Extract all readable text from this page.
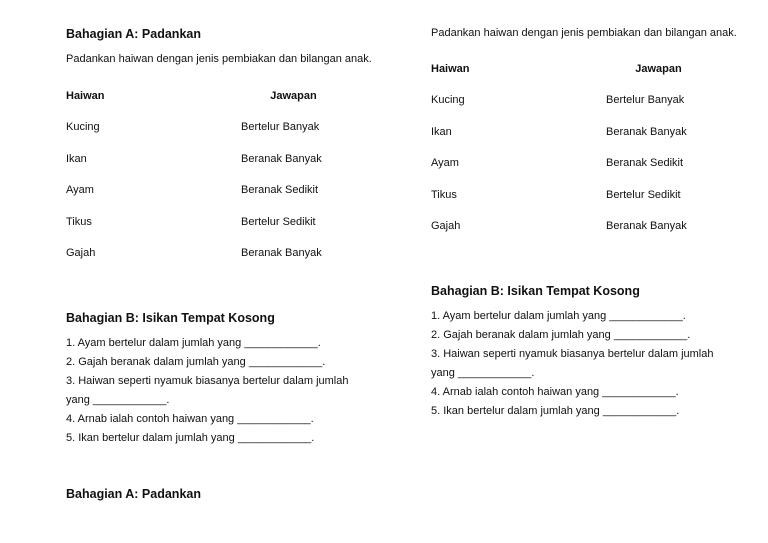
Bahagian A: Padankan
Padankan haiwan dengan jenis pembiakan dan bilangan anak.
Haiwan	Jawapan
Kucing	Bertelur Banyak
Ikan	Beranak Banyak
Ayam	Beranak Sedikit
Tikus	Bertelur Sedikit
Gajah	Beranak Banyak
Bahagian B: Isikan Tempat Kosong
1. Ayam bertelur dalam jumlah yang ____________.
2. Gajah beranak dalam jumlah yang ____________.
3. Haiwan seperti nyamuk biasanya bertelur dalam jumlah yang ____________.
4. Arnab ialah contoh haiwan yang ____________.
5. Ikan bertelur dalam jumlah yang ____________.
Bahagian A: Padankan
Padankan haiwan dengan jenis pembiakan dan bilangan anak.
Haiwan	Jawapan
Kucing	Bertelur Banyak
Ikan	Beranak Banyak
Ayam	Beranak Sedikit
Tikus	Bertelur Sedikit
Gajah	Beranak Banyak
Bahagian B: Isikan Tempat Kosong
1. Ayam bertelur dalam jumlah yang ____________.
2. Gajah beranak dalam jumlah yang ____________.
3. Haiwan seperti nyamuk biasanya bertelur dalam jumlah yang ____________.
4. Arnab ialah contoh haiwan yang ____________.
5. Ikan bertelur dalam jumlah yang ____________.
